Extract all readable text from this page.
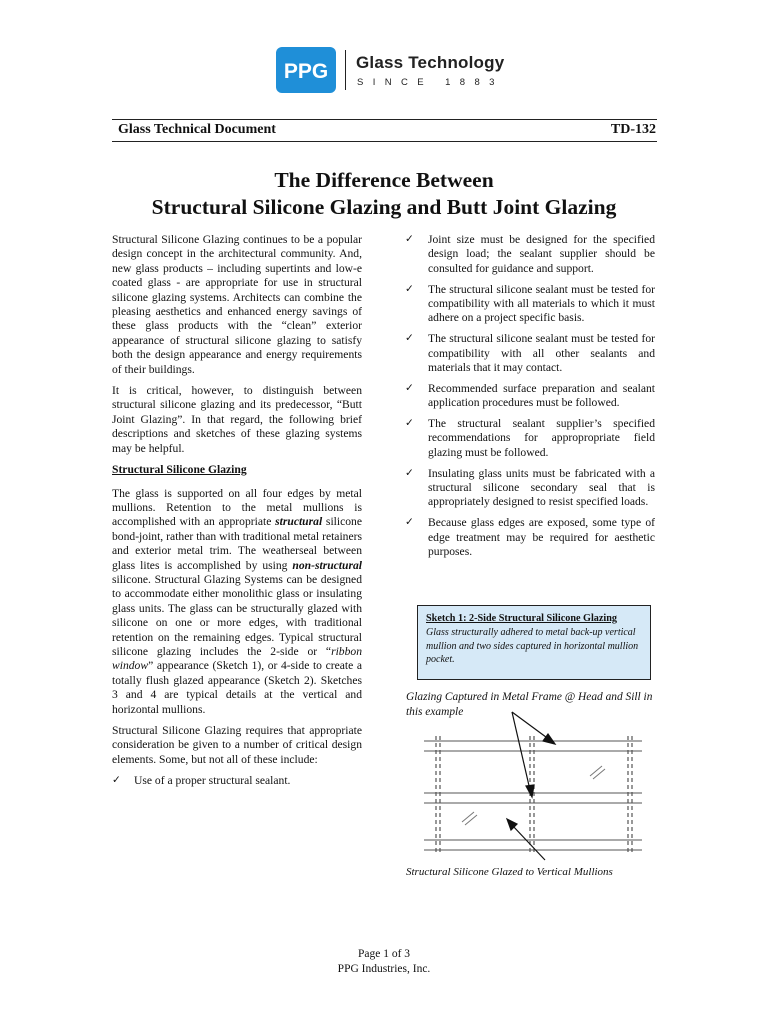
PPG Glass Technology
SINCE 1883
Glass Technical Document	TD-132
The Difference Between
Structural Silicone Glazing and Butt Joint Glazing

Structural Silicone Glazing continues to be a popular design concept in the architectural community. And, new glass products – including supertints and low-e coated glass - are appropriate for use in structural silicone glazing systems. Architects can combine the pleasing aesthetics and enhanced energy savings of these glass products with the “clean” exterior appearance of structural silicone glazing to satisfy both the design appearance and energy requirements of their buildings.

It is critical, however, to distinguish between structural silicone glazing and its predecessor, “Butt Joint Glazing”. In that regard, the following brief descriptions and sketches of these glazing systems may be helpful.

Structural Silicone Glazing

The glass is supported on all four edges by metal mullions. Retention to the metal mullions is accomplished with an appropriate structural silicone bond-joint, rather than with traditional metal retainers and exterior metal trim. The weatherseal between glass lites is accomplished by using non-structural silicone. Structural Glazing Systems can be designed to accommodate either monolithic glass or insulating glass units. The glass can be structurally glazed with silicone on one or more edges, with traditional retention on the remaining edges. Typical structural silicone glazing includes the 2-side or “ribbon window” appearance (Sketch 1), or 4-side to create a totally flush glazed appearance (Sketch 2). Sketches 3 and 4 are typical details at the vertical and horizontal mullions.

Structural Silicone Glazing requires that appropriate consideration be given to a number of critical design elements. Some, but not all of these include:

✓ Use of a proper structural sealant.
✓ Joint size must be designed for the specified design load; the sealant supplier should be consulted for guidance and support.
✓ The structural silicone sealant must be tested for compatibility with all materials to which it must adhere on a project specific basis.
✓ The structural silicone sealant must be tested for compatibility with all other sealants and materials that it may contact.
✓ Recommended surface preparation and sealant application procedures must be followed.
✓ The structural sealant supplier’s specified recommendations for appropropriate field glazing must be followed.
✓ Insulating glass units must be fabricated with a structural silicone secondary seal that is appropriately designed to resist specified loads.
✓ Because glass edges are exposed, some type of edge treatment may be required for aesthetic purposes.
Sketch 1: 2-Side Structural Silicone Glazing
Glass structurally adhered to metal back-up vertical mullion and two sides captured in horizontal mullion pocket.
Glazing Captured in Metal Frame @ Head and Sill in this example
Structural Silicone Glazed to Vertical Mullions
Page 1 of 3
PPG Industries, Inc.
